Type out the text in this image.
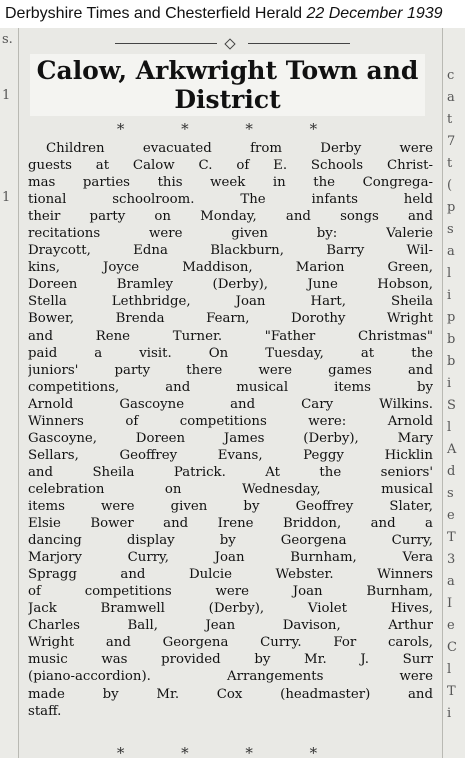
Derbyshire Times and Chesterfield Herald 22 December 1939
s.
1
1
c
a
t
7
t
(
p
s
a
l
i
p
b
b
i
S
l
A
d
s
e
T
3
a
I
e
C
l
T
i
Calow, Arkwright Town and
District
* * * *
Children evacuated from Derby were
guests at Calow C. of E. Schools Christ-
mas parties this week in the Congrega-
tional schoolroom. The infants held
their party on Monday, and songs and
recitations were given by: Valerie
Draycott, Edna Blackburn, Barry Wil-
kins, Joyce Maddison, Marion Green,
Doreen Bramley (Derby), June Hobson,
Stella Lethbridge, Joan Hart, Sheila
Bower, Brenda Fearn, Dorothy Wright
and Rene Turner. "Father Christmas"
paid a visit. On Tuesday, at the
juniors' party there were games and
competitions, and musical items by
Arnold Gascoyne and Cary Wilkins.
Winners of competitions were: Arnold
Gascoyne, Doreen James (Derby), Mary
Sellars, Geoffrey Evans, Peggy Hicklin
and Sheila Patrick. At the seniors'
celebration on Wednesday, musical
items were given by Geoffrey Slater,
Elsie Bower and Irene Briddon, and a
dancing display by Georgena Curry,
Marjory Curry, Joan Burnham, Vera
Spragg and Dulcie Webster. Winners
of competitions were Joan Burnham,
Jack Bramwell (Derby), Violet Hives,
Charles Ball, Jean Davison, Arthur
Wright and Georgena Curry. For carols,
music was provided by Mr. J. Surr
(piano-accordion). Arrangements were
made by Mr. Cox (headmaster) and
staff.
* * * *
